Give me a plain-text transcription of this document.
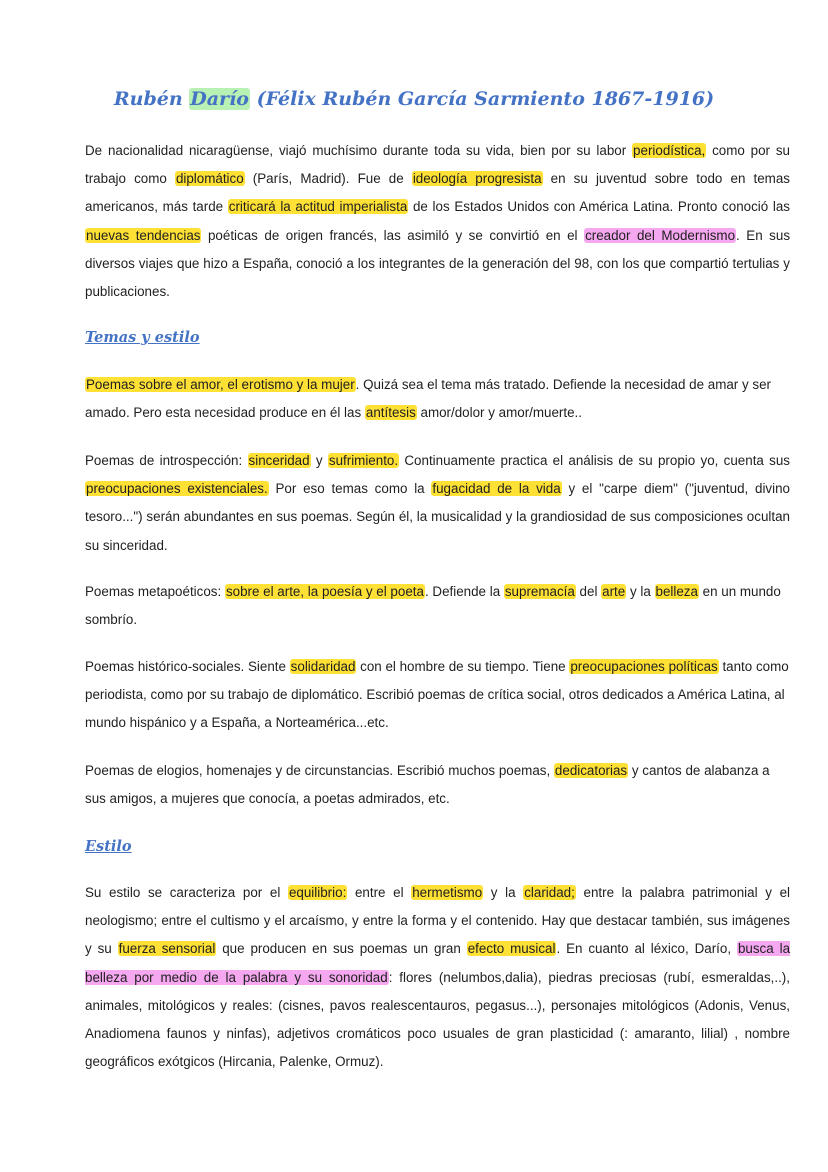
Rubén Darío (Félix Rubén García Sarmiento 1867-1916)

De nacionalidad nicaragüense, viajó muchísimo durante toda su vida, bien por su labor periodística, como por su trabajo como diplomático (París, Madrid). Fue de ideología progresista en su juventud sobre todo en temas americanos, más tarde criticará la actitud imperialista de los Estados Unidos con América Latina. Pronto conoció las nuevas tendencias poéticas de origen francés, las asimiló y se convirtió en el creador del Modernismo. En sus diversos viajes que hizo a España, conoció a los integrantes de la generación del 98, con los que compartió tertulias y publicaciones.

Temas y estilo

Poemas sobre el amor, el erotismo y la mujer. Quizá sea el tema más tratado. Defiende la necesidad de amar y ser amado. Pero esta necesidad produce en él las antítesis amor/dolor y amor/muerte..

Poemas de introspección: sinceridad y sufrimiento. Continuamente practica el análisis de su propio yo, cuenta sus preocupaciones existenciales. Por eso temas como la fugacidad de la vida y el "carpe diem" ("juventud, divino tesoro...") serán abundantes en sus poemas. Según él, la musicalidad y la grandiosidad de sus composiciones ocultan su sinceridad.

Poemas metapoéticos: sobre el arte, la poesía y el poeta. Defiende la supremacía del arte y la belleza en un mundo sombrío.

Poemas histórico-sociales. Siente solidaridad con el hombre de su tiempo. Tiene preocupaciones políticas tanto como periodista, como por su trabajo de diplomático. Escribió poemas de crítica social, otros dedicados a América Latina, al mundo hispánico y a España, a Norteamérica...etc.

Poemas de elogios, homenajes y de circunstancias. Escribió muchos poemas, dedicatorias y cantos de alabanza a sus amigos, a mujeres que conocía, a poetas admirados, etc.

Estilo

Su estilo se caracteriza por el equilibrio: entre el hermetismo y la claridad; entre la palabra patrimonial y el neologismo; entre el cultismo y el arcaísmo, y entre la forma y el contenido. Hay que destacar también, sus imágenes y su fuerza sensorial que producen en sus poemas un gran efecto musical. En cuanto al léxico, Darío, busca la belleza por medio de la palabra y su sonoridad: flores (nelumbos,dalia), piedras preciosas (rubí, esmeraldas,..), animales, mitológicos y reales: (cisnes, pavos realescentauros, pegasus...), personajes mitológicos (Adonis, Venus, Anadiomena faunos y ninfas), adjetivos cromáticos poco usuales de gran plasticidad (: amaranto, lilial) , nombre geográficos exótgicos (Hircania, Palenke, Ormuz).
